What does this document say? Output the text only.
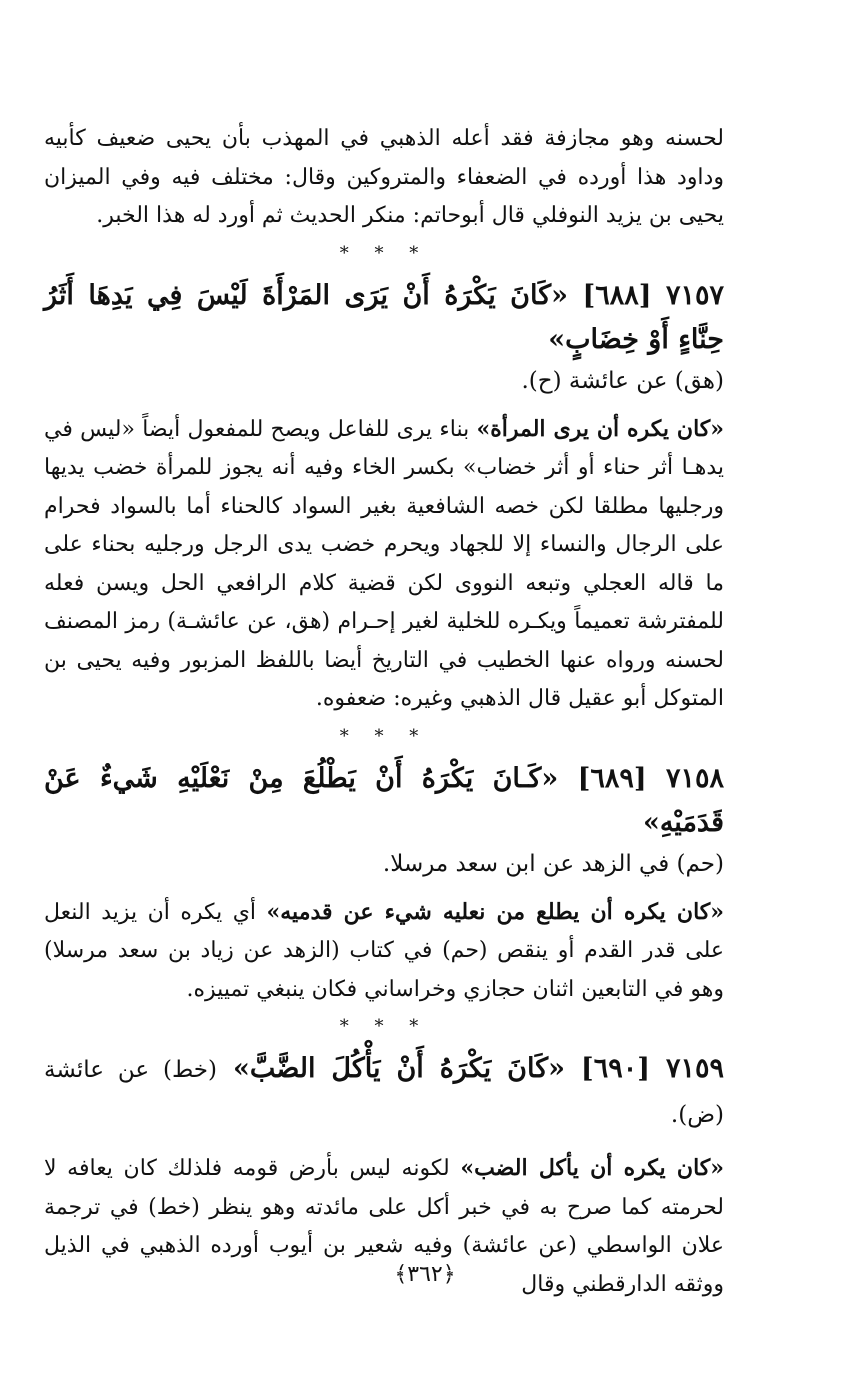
لحسنه وهو مجازفة فقد أعله الذهبي في المهذب بأن يحيى ضعيف كأبيه وداود هذا أورده في الضعفاء والمتروكين وقال: مختلف فيه وفي الميزان يحيى بن يزيد النوفلي قال أبوحاتم: منكر الحديث ثم أورد له هذا الخبر.

* * *

٧١٥٧ [٦٨٨] «كَانَ يَكْرَهُ أَنْ يَرَى المَرْأَةَ لَيْسَ فِي يَدِهَا أَثَرُ حِنَّاءٍ أَوْ خِضَابٍ»

(هق) عن عائشة (ح).

«كان يكره أن يرى المرأة» بناء يرى للفاعل ويصح للمفعول أيضاً «ليس في يدهـا أثر حناء أو أثر خضاب» بكسر الخاء وفيه أنه يجوز للمرأة خضب يديها ورجليها مطلقا لكن خصه الشافعية بغير السواد كالحناء أما بالسواد فحرام على الرجال والنساء إلا للجهاد ويحرم خضب يدى الرجل ورجليه بحناء على ما قاله العجلي وتبعه النووى لكن قضية كلام الرافعي الحل ويسن فعله للمفترشة تعميماً ويكـره للخلية لغير إحـرام (هق، عن عائشـة) رمز المصنف لحسنه ورواه عنها الخطيب في التاريخ أيضا باللفظ المزبور وفيه يحيى بن المتوكل أبو عقيل قال الذهبي وغيره: ضعفوه.

* * *

٧١٥٨ [٦٨٩] «كَـانَ يَكْرَهُ أَنْ يَطْلُعَ مِنْ نَعْلَيْهِ شَيءٌ عَنْ قَدَمَيْهِ»

(حم) في الزهد عن ابن سعد مرسلا.

«كان يكره أن يطلع من نعليه شيء عن قدميه» أي يكره أن يزيد النعل على قدر القدم أو ينقص (حم) في كتاب (الزهد عن زياد بن سعد مرسلا) وهو في التابعين اثنان حجازي وخراساني فكان ينبغي تمييزه.

* * *

٧١٥٩ [٦٩٠] «كَانَ يَكْرَهُ أَنْ يَأْكُلَ الضَّبَّ» (خط) عن عائشة (ض).

«كان يكره أن يأكل الضب» لكونه ليس بأرض قومه فلذلك كان يعافه لا لحرمته كما صرح به في خبر أكل على مائدته وهو ينظر (خط) في ترجمة علان الواسطي (عن عائشة) وفيه شعير بن أيوب أورده الذهبي في الذيل ووثقه الدارقطني وقال

﴿٣٦٢﴾
